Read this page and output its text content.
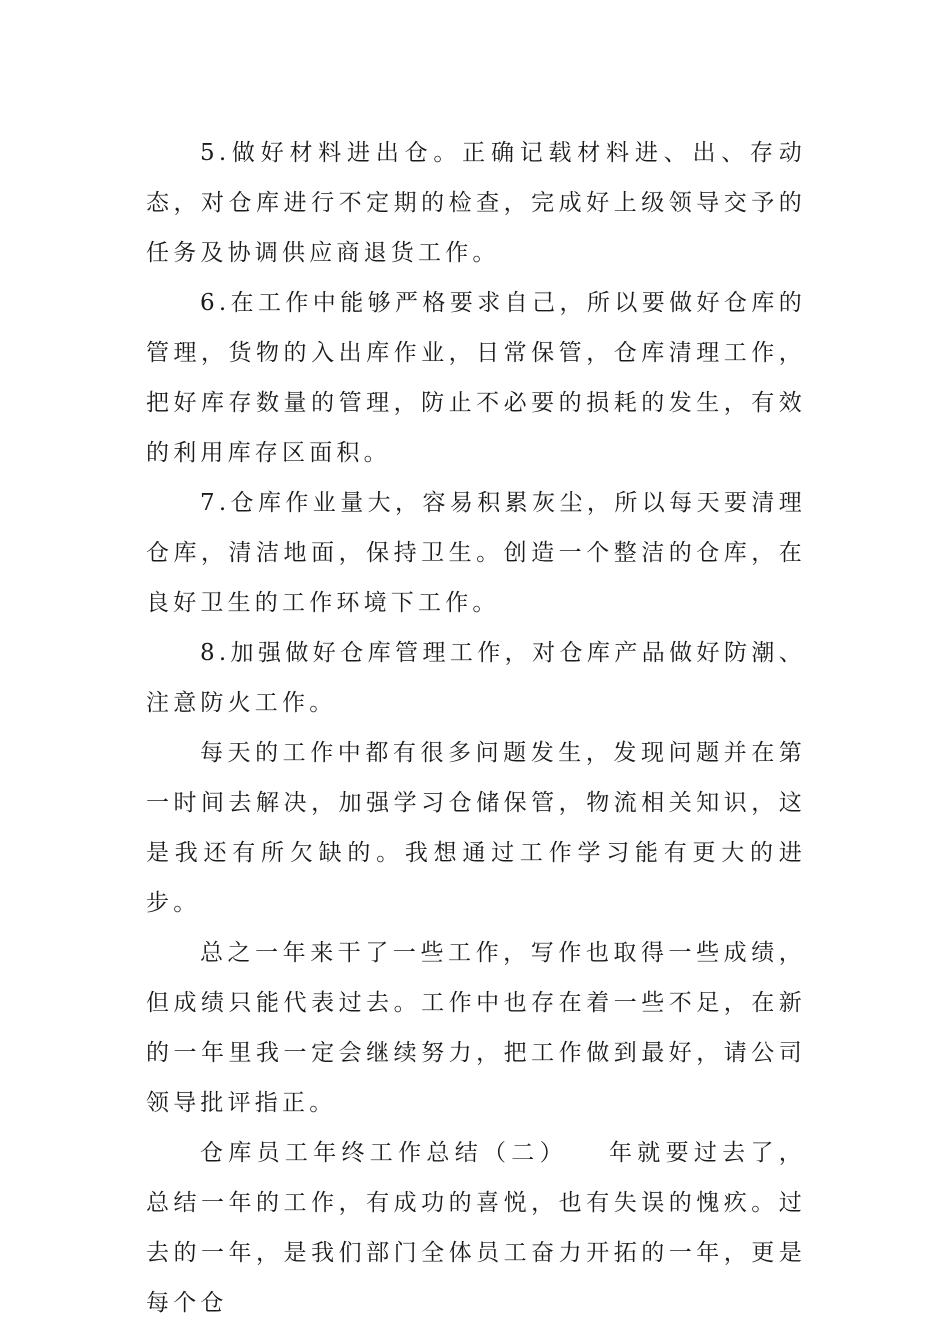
5.做好材料进出仓。正确记载材料进、出、存动态，对仓库进行不定期的检查，完成好上级领导交予的任务及协调供应商退货工作。

6.在工作中能够严格要求自己，所以要做好仓库的管理，货物的入出库作业，日常保管，仓库清理工作，把好库存数量的管理，防止不必要的损耗的发生，有效的利用库存区面积。

7.仓库作业量大，容易积累灰尘，所以每天要清理仓库，清洁地面，保持卫生。创造一个整洁的仓库，在良好卫生的工作环境下工作。

8.加强做好仓库管理工作，对仓库产品做好防潮、注意防火工作。

每天的工作中都有很多问题发生，发现问题并在第一时间去解决，加强学习仓储保管，物流相关知识，这是我还有所欠缺的。我想通过工作学习能有更大的进步。

总之一年来干了一些工作，写作也取得一些成绩，但成绩只能代表过去。工作中也存在着一些不足，在新的一年里我一定会继续努力，把工作做到最好，请公司领导批评指正。

仓库员工年终工作总结（二） 年就要过去了，总结一年的工作，有成功的喜悦，也有失误的愧疚。过去的一年，是我们部门全体员工奋力开拓的一年，更是每个仓
